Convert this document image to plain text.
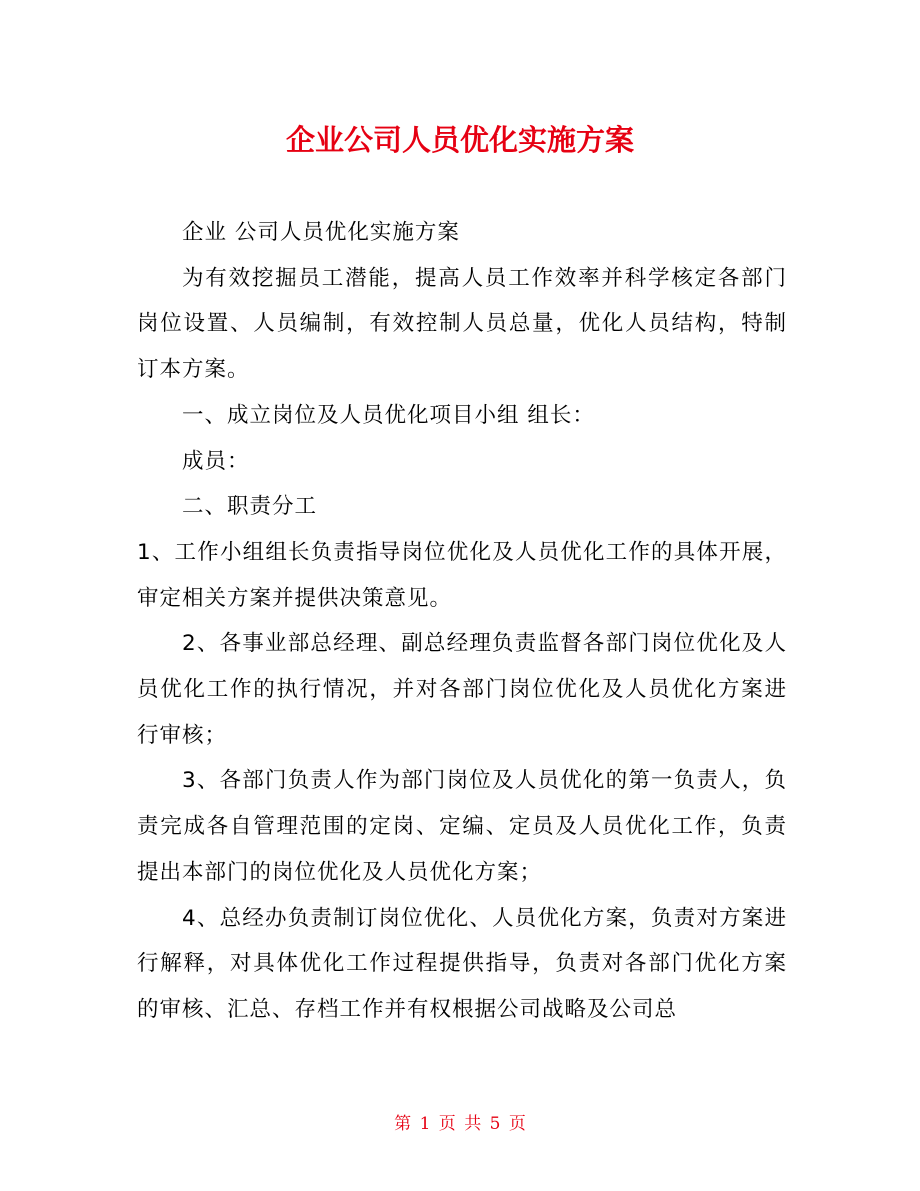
企业公司人员优化实施方案

企业 公司人员优化实施方案

为有效挖掘员工潜能，提高人员工作效率并科学核定各部门岗位设置、人员编制，有效控制人员总量，优化人员结构，特制订本方案。

一、成立岗位及人员优化项目小组 组长：

成员：

二、职责分工

1、工作小组组长负责指导岗位优化及人员优化工作的具体开展，审定相关方案并提供决策意见。

2、各事业部总经理、副总经理负责监督各部门岗位优化及人员优化工作的执行情况，并对各部门岗位优化及人员优化方案进行审核；

3、各部门负责人作为部门岗位及人员优化的第一负责人，负责完成各自管理范围的定岗、定编、定员及人员优化工作，负责提出本部门的岗位优化及人员优化方案；

4、总经办负责制订岗位优化、人员优化方案，负责对方案进行解释，对具体优化工作过程提供指导，负责对各部门优化方案的审核、汇总、存档工作并有权根据公司战略及公司总

第 1 页 共 5 页
